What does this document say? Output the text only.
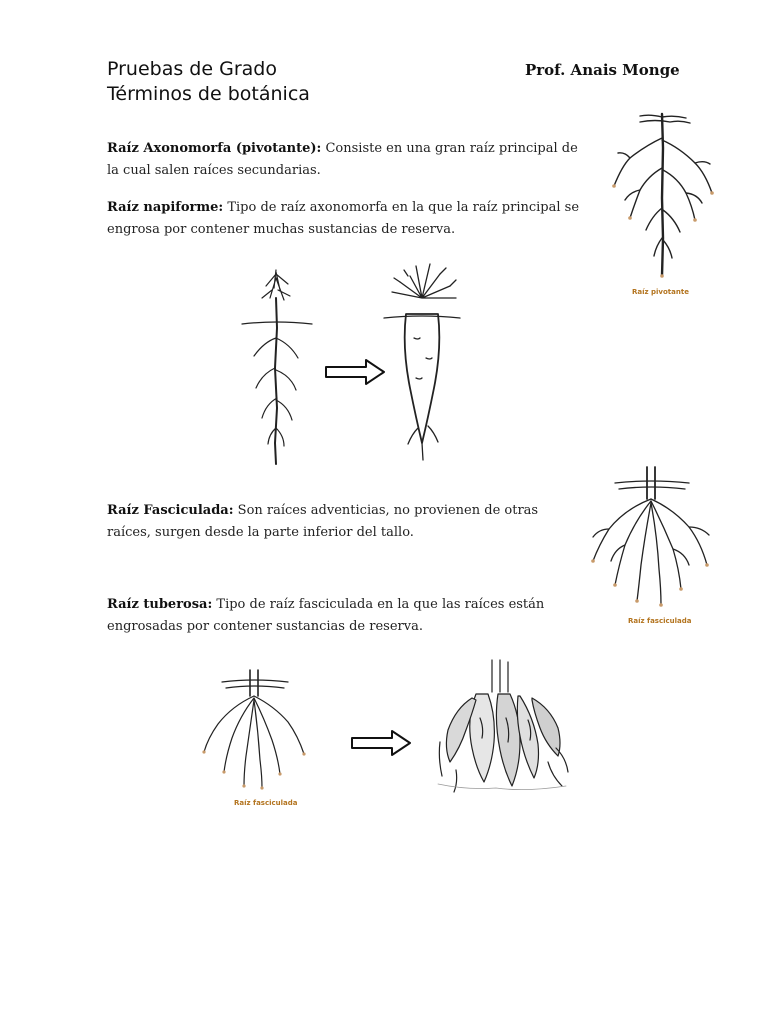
Pruebas de Grado
Términos de botánica
Prof. Anais Monge
Raíz Axonomorfa (pivotante): Consiste en una gran raíz principal de la cual salen raíces secundarias.
Raíz napiforme: Tipo de raíz axonomorfa en la que la raíz principal se engrosa por contener muchas sustancias de reserva.
Raíz Fasciculada: Son raíces adventicias, no provienen de otras raíces, surgen desde la parte inferior del tallo.
Raíz tuberosa: Tipo de raíz fasciculada en la que las raíces están engrosadas por contener sustancias de reserva.
Raíz pivotante
Raíz fasciculada
Raíz fasciculada
